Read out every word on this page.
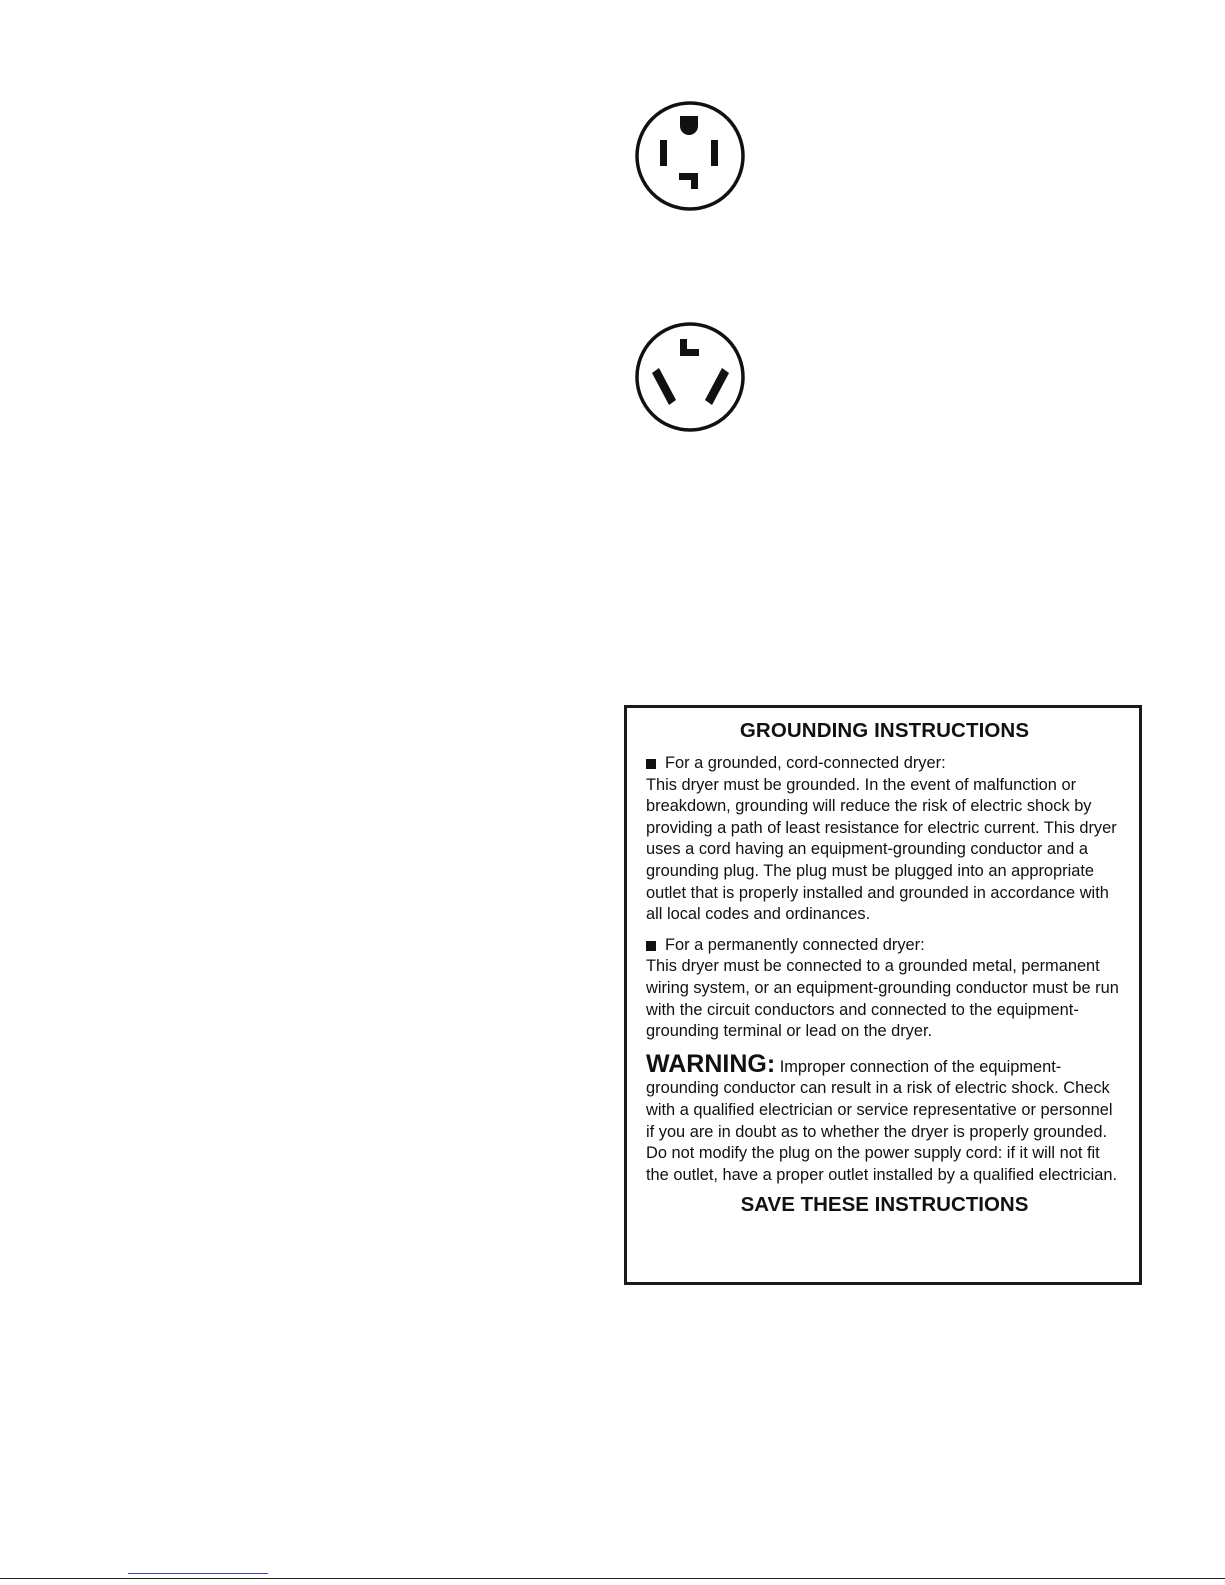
GROUNDING INSTRUCTIONS
For a grounded, cord-connected dryer:
This dryer must be grounded. In the event of malfunction or breakdown, grounding will reduce the risk of electric shock by providing a path of least resistance for electric current. This dryer uses a cord having an equipment-grounding conductor and a grounding plug. The plug must be plugged into an appropriate outlet that is properly installed and grounded in accordance with all local codes and ordinances.
For a permanently connected dryer:
This dryer must be connected to a grounded metal, permanent wiring system, or an equipment-grounding conductor must be run with the circuit conductors and connected to the equipment-grounding terminal or lead on the dryer.
WARNING: Improper connection of the equipment-grounding conductor can result in a risk of electric shock. Check with a qualified electrician or service representative or personnel if you are in doubt as to whether the dryer is properly grounded. Do not modify the plug on the power supply cord: if it will not fit the outlet, have a proper outlet installed by a qualified electrician.
SAVE THESE INSTRUCTIONS
